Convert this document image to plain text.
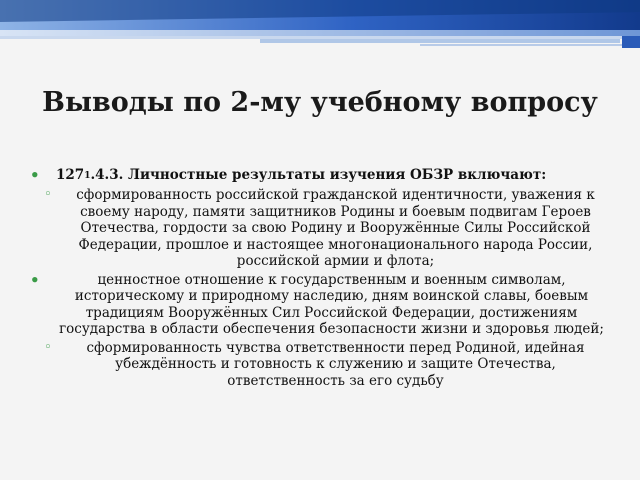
Выводы по 2-му учебному вопросу
• $127_1.4.3$. Личностные результаты изучения ОБЗР включают:
◦ сформированность российской гражданской идентичности, уважения к своему народу, памяти защитников Родины и боевым подвигам Героев Отечества, гордости за свою Родину и Вооружённые Силы Российской Федерации, прошлое и настоящее многонационального народа России, российской армии и флота;
•	ценностное отношение к государственным и военным символам, историческому и природному наследию, дням воинской славы, боевым традициям Вооружённых Сил Российской Федерации, достижениям государства в области обеспечения безопасности жизни и здоровья людей;
◦	сформированность чувства ответственности перед Родиной, идейная убеждённость и готовность к служению и защите Отечества, ответственность за его судьбу
